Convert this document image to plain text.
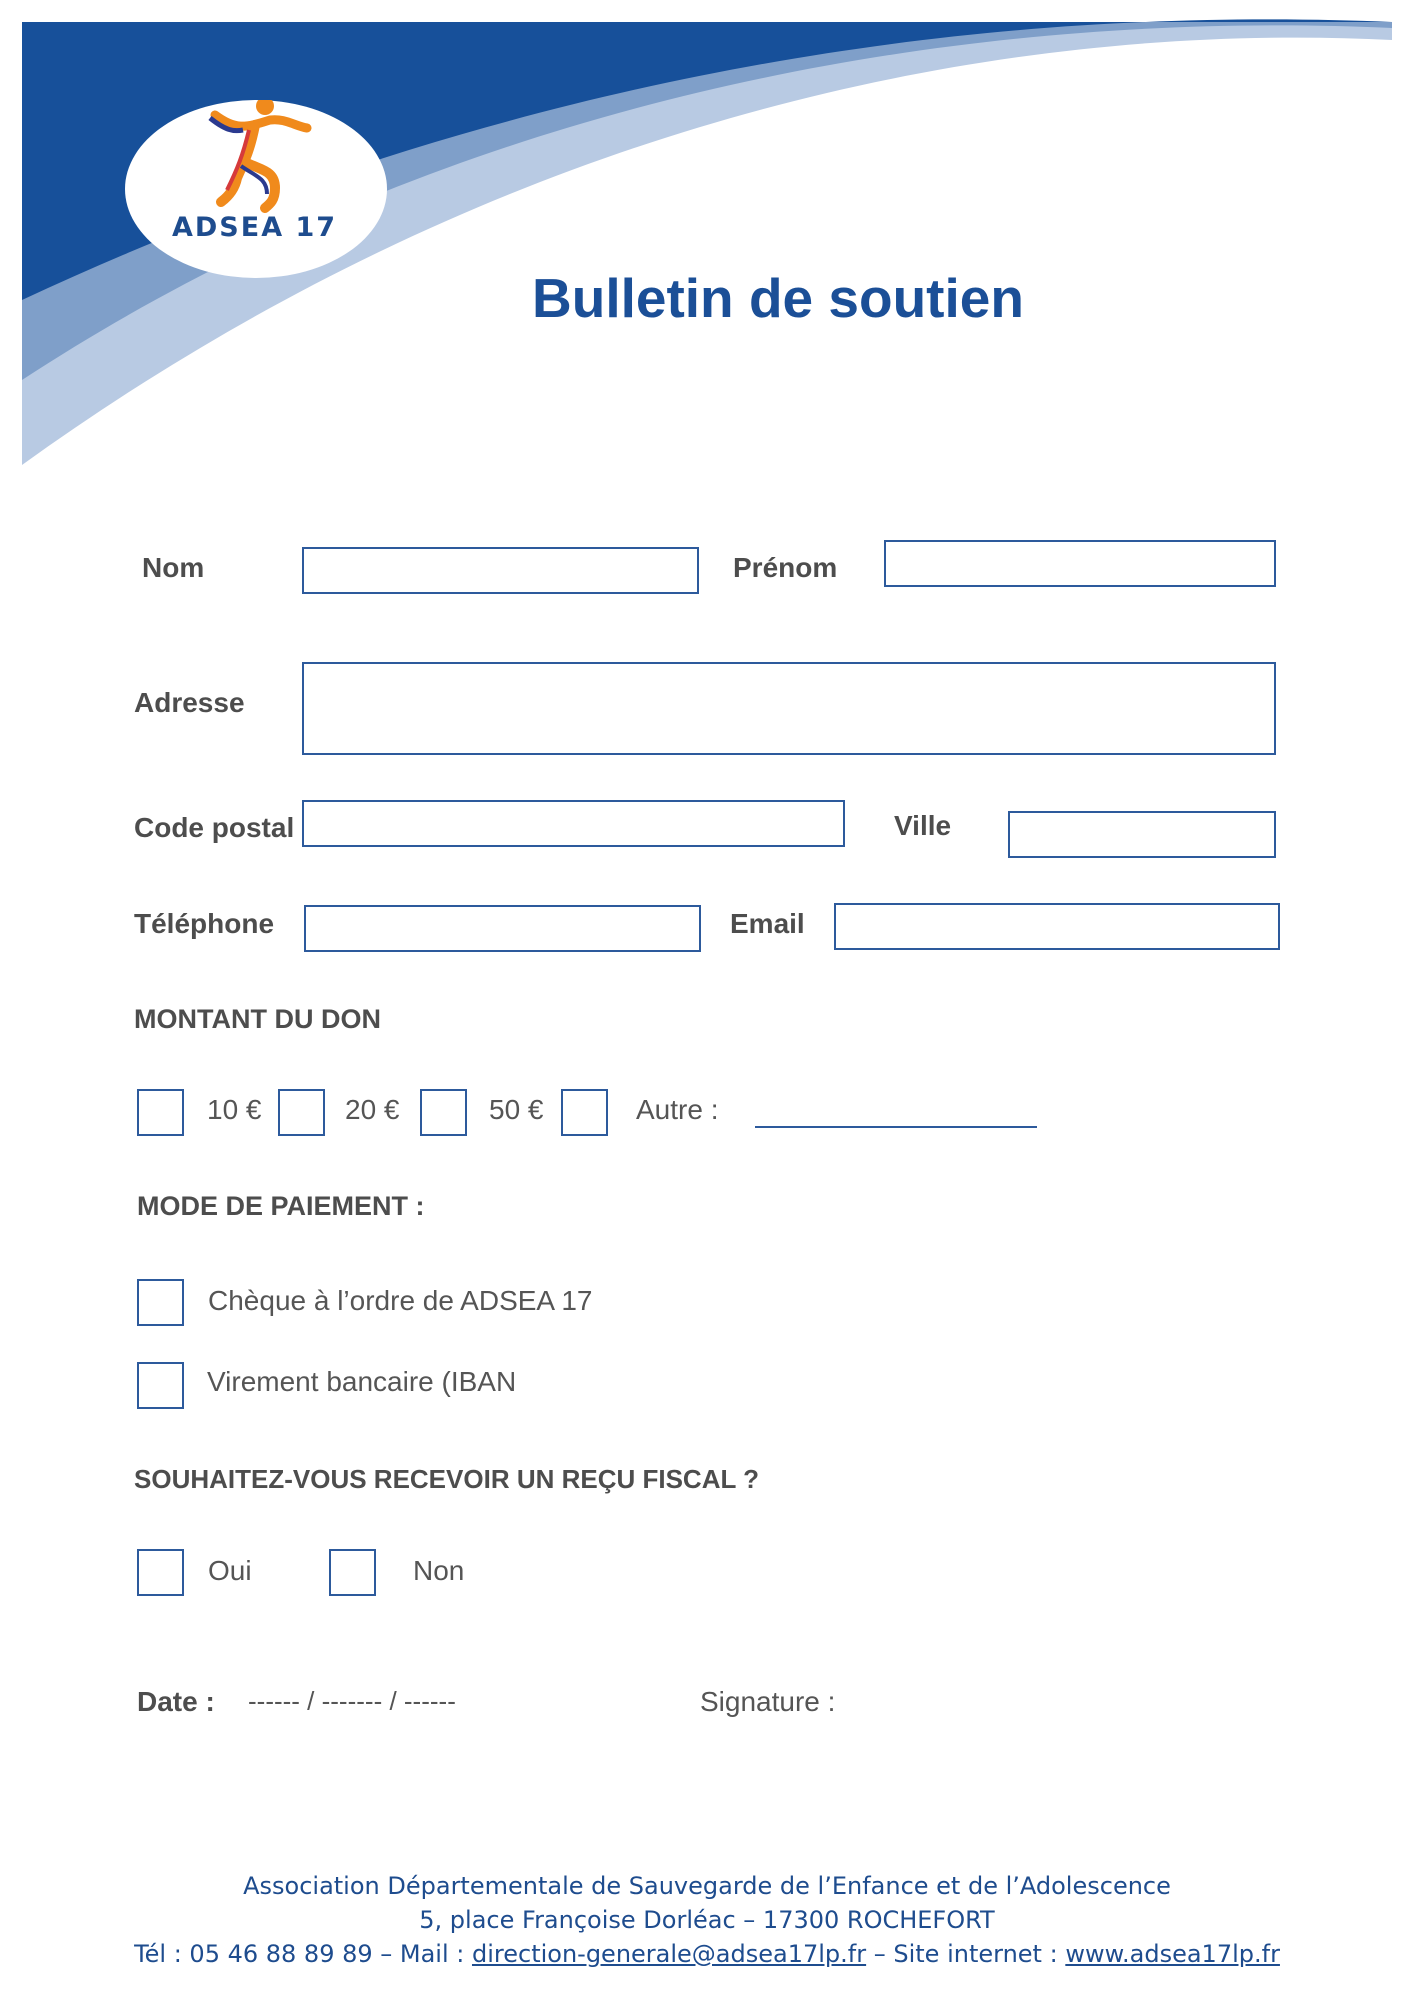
ADSEA 17
Bulletin de soutien
Nom	Prénom
Adresse
Code postal	Ville
Téléphone	Email
MONTANT DU DON
10 €	20 €	50 €	Autre :
MODE DE PAIEMENT :
Chèque à l’ordre de ADSEA 17
Virement bancaire (IBAN
SOUHAITEZ-VOUS RECEVOIR UN REÇU FISCAL ?
Oui	Non
Date : ------ / ------- / ------	Signature :
Association Départementale de Sauvegarde de l’Enfance et de l’Adolescence
5, place Françoise Dorléac – 17300 ROCHEFORT
Tél : 05 46 88 89 89 – Mail : direction-generale@adsea17lp.fr – Site internet : www.adsea17lp.fr
